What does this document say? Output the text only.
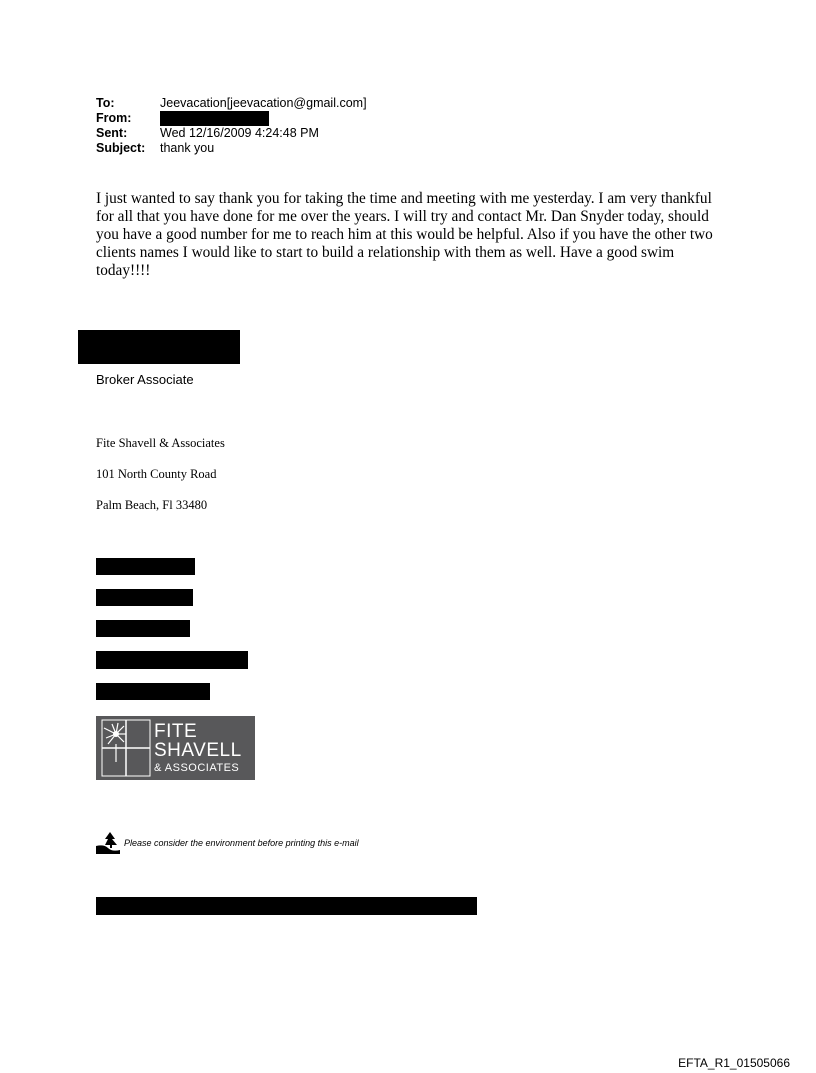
To:	Jeevacation[jeevacation@gmail.com]
From:
Sent:	Wed 12/16/2009 4:24:48 PM
Subject:	thank you

I just wanted to say thank you for taking the time and meeting with me yesterday. I am very thankful for all that you have done for me over the years. I will try and contact Mr. Dan Snyder today, should you have a good number for me to reach him at this would be helpful. Also if you have the other two clients names I would like to start to build a relationship with them as well. Have a good swim today!!!!

Broker Associate
Fite Shavell & Associates
101 North County Road
Palm Beach, Fl 33480
FITE
SHAVELL
& ASSOCIATES
Please consider the environment before printing this e-mail
EFTA_R1_01505066
